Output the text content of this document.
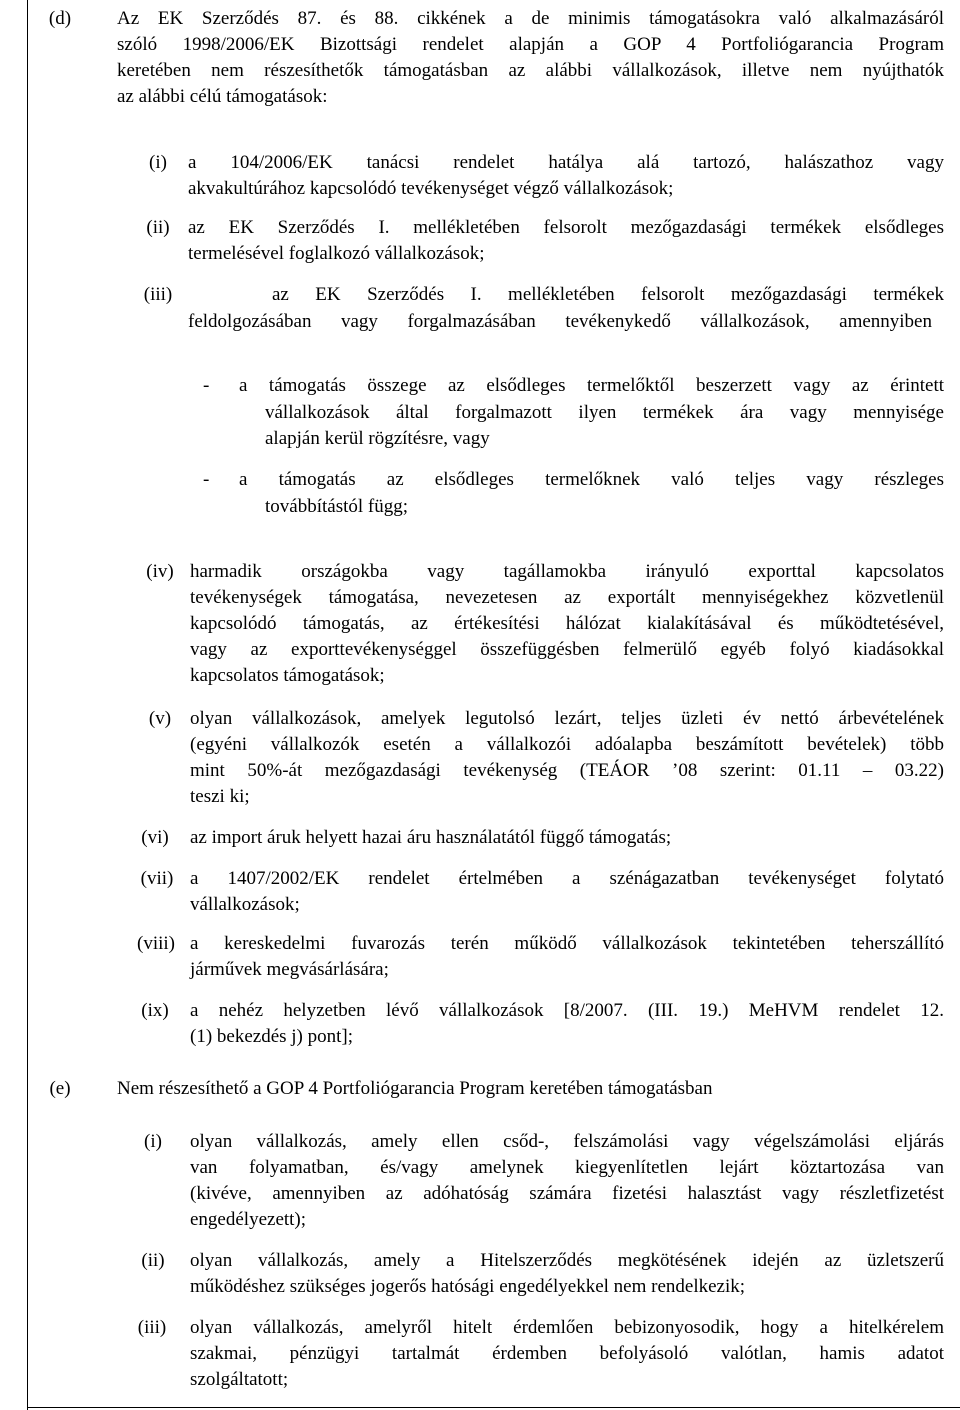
(d)	Az EK Szerződés 87. és 88. cikkének a de minimis támogatásokra való alkalmazásáról
szóló 1998/2006/EK Bizottsági rendelet alapján a GOP 4 Portfoliógarancia Program
keretében nem részesíthetők támogatásban az alábbi vállalkozások, illetve nem nyújthatók
az alábbi célú támogatások:
(i)	a 104/2006/EK tanácsi rendelet hatálya alá tartozó, halászathoz vagy
akvakultúrához kapcsolódó tevékenységet végző vállalkozások;
(ii) az EK Szerződés I. mellékletében felsorolt mezőgazdasági termékek elsődleges
termelésével foglalkozó vállalkozások;
(iii)	az EK Szerződés I. mellékletében felsorolt mezőgazdasági termékek
feldolgozásában vagy forgalmazásában tevékenykedő vállalkozások, amennyiben
-	a támogatás összege az elsődleges termelőktől beszerzett vagy az érintett
vállalkozások által forgalmazott ilyen termékek ára vagy mennyisége
alapján kerül rögzítésre, vagy
-	a támogatás az elsődleges termelőknek való teljes vagy részleges
továbbítástól függ;
(iv) harmadik országokba vagy tagállamokba irányuló exporttal kapcsolatos
tevékenységek támogatása, nevezetesen az exportált mennyiségekhez közvetlenül
kapcsolódó támogatás, az értékesítési hálózat kialakításával és működtetésével,
vagy az exporttevékenységgel összefüggésben felmerülő egyéb folyó kiadásokkal
kapcsolatos támogatások;
(v) olyan vállalkozások, amelyek legutolsó lezárt, teljes üzleti év nettó árbevételének
(egyéni vállalkozók esetén a vállalkozói adóalapba beszámított bevételek) több
mint 50%-át mezőgazdasági tevékenység (TEÁOR ’08 szerint: 01.11 – 03.22)
teszi ki;
(vi)	az import áruk helyett hazai áru használatától függő támogatás;
(vii) a 1407/2002/EK rendelet értelmében a szénágazatban tevékenységet folytató
vállalkozások;
(viii) a kereskedelmi fuvarozás terén működő vállalkozások tekintetében teherszállító
járművek megvásárlására;
(ix)	a nehéz helyzetben lévő vállalkozások [8/2007. (III. 19.) MeHVM rendelet 12.
(1) bekezdés j) pont];
(e)	Nem részesíthető a GOP 4 Portfoliógarancia Program keretében támogatásban
(i)	olyan vállalkozás, amely ellen csőd-, felszámolási vagy végelszámolási eljárás
van folyamatban, és/vagy amelynek kiegyenlítetlen lejárt köztartozása van
(kivéve, amennyiben az adóhatóság számára fizetési halasztást vagy részletfizetést
engedélyezett);
(ii)	olyan vállalkozás, amely a Hitelszerződés megkötésének idején az üzletszerű
működéshez szükséges jogerős hatósági engedélyekkel nem rendelkezik;
(iii)	olyan vállalkozás, amelyről hitelt érdemlően bebizonyosodik, hogy a hitelkérelem
szakmai, pénzügyi tartalmát érdemben befolyásoló valótlan, hamis adatot
szolgáltatott;
